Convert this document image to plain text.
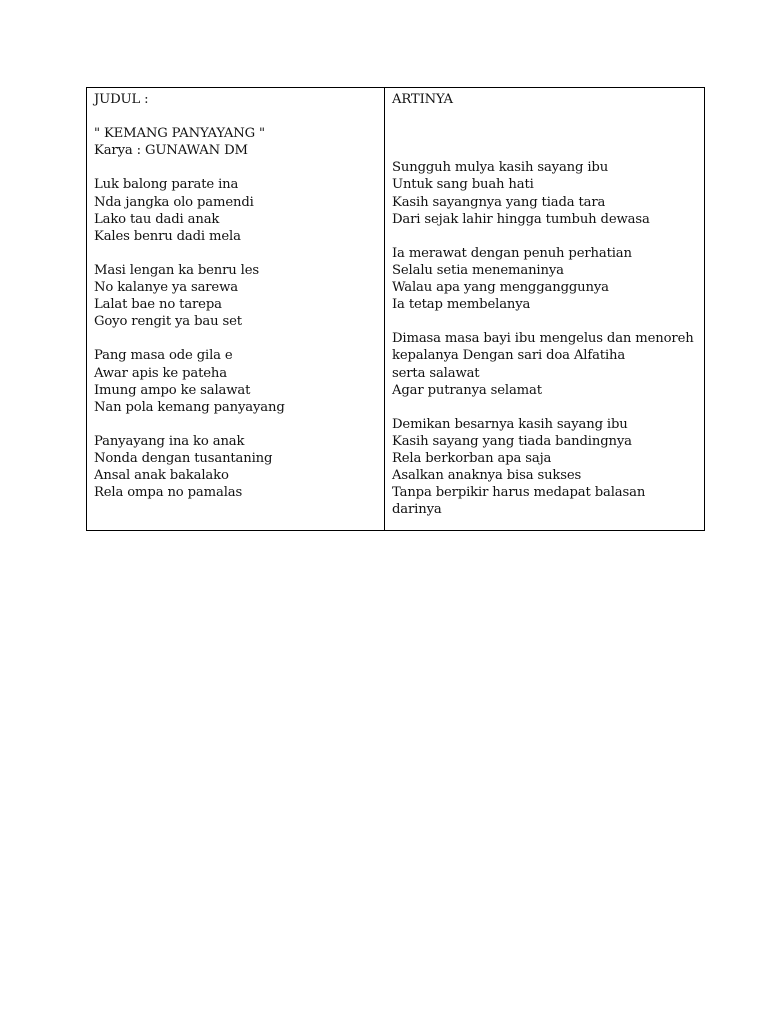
JUDUL :
" KEMANG PANYAYANG "
Karya : GUNAWAN DM
Luk balong parate ina
Nda jangka olo pamendi
Lako tau dadi anak
Kales benru dadi mela
Masi lengan ka benru les
No kalanye ya sarewa
Lalat bae no tarepa
Goyo rengit ya bau set
Pang masa ode gila e
Awar apis ke pateha
Imung ampo ke salawat
Nan pola kemang panyayang
Panyayang ina ko anak
Nonda dengan tusantaning
Ansal anak bakalako
Rela ompa no pamalas
ARTINYA
Sungguh mulya kasih sayang ibu
Untuk sang buah hati
Kasih sayangnya yang tiada tara
Dari sejak lahir hingga tumbuh dewasa
Ia merawat dengan penuh perhatian
Selalu setia menemaninya
Walau apa yang mengganggunya
Ia tetap membelanya
Dimasa masa bayi ibu mengelus dan menoreh
kepalanya Dengan sari doa Alfatiha
serta salawat
Agar putranya selamat
Demikan besarnya kasih sayang ibu
Kasih sayang yang tiada bandingnya
Rela berkorban apa saja
Asalkan anaknya bisa sukses
Tanpa berpikir harus medapat balasan
darinya
